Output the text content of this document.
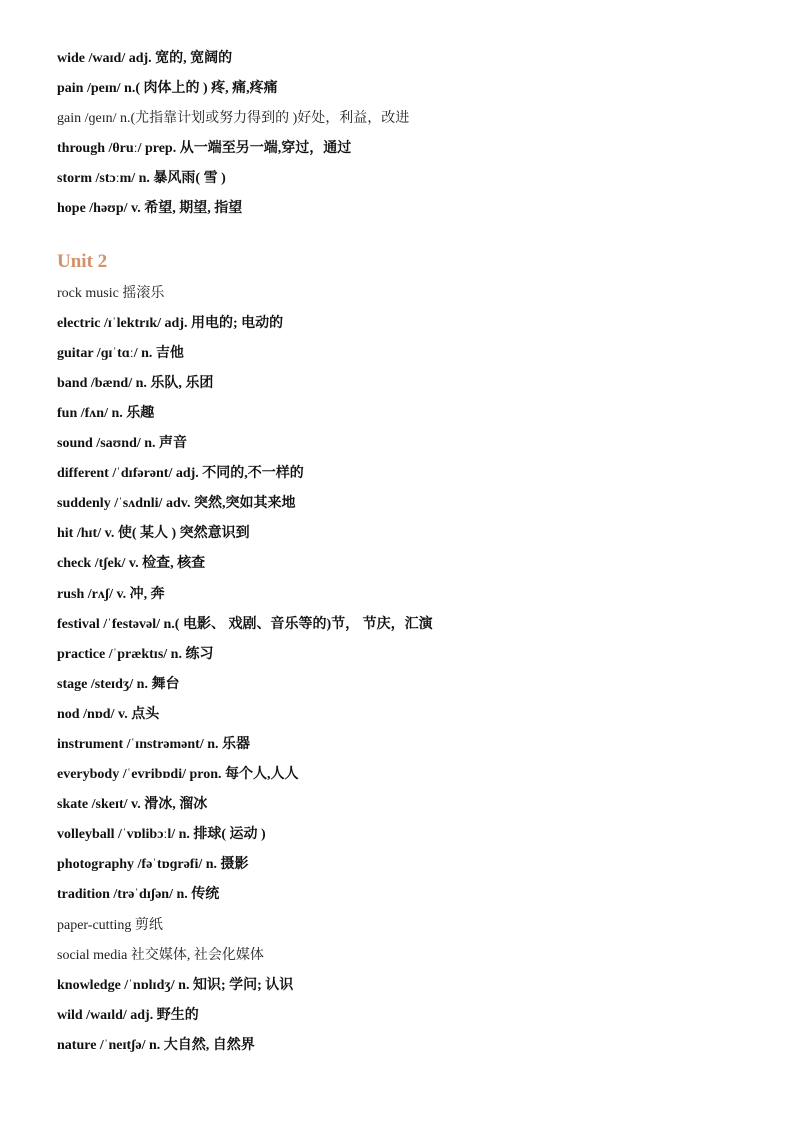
wide /waɪd/ adj. 宽的, 宽阔的
pain /peɪn/ n.( 肉体上的 ) 疼, 痛,疼痛
gain /ɡeɪn/ n.(尤指靠计划或努力得到的 )好处，利益，改进
through /θruː/ prep. 从一端至另一端,穿过，通过
storm /stɔːm/ n. 暴风雨( 雪 )
hope /həʊp/ v. 希望, 期望, 指望
Unit 2
rock music 摇滚乐
electric /ɪˈlektrɪk/ adj. 用电的; 电动的
guitar /ɡɪˈtɑː/ n. 吉他
band /bænd/ n. 乐队, 乐团
fun /fʌn/ n. 乐趣
sound /saʊnd/ n. 声音
different /ˈdɪfərənt/ adj. 不同的,不一样的
suddenly /ˈsʌdnli/ adv. 突然,突如其来地
hit /hɪt/ v. 使( 某人 ) 突然意识到
check /tʃek/ v. 检查, 核查
rush /rʌʃ/ v. 冲, 奔
festival /ˈfestəvəl/ n.( 电影、 戏剧、音乐等的)节， 节庆，汇演
practice /ˈpræktɪs/ n. 练习
stage /steɪdʒ/ n. 舞台
nod /nɒd/ v. 点头
instrument /ˈɪnstrəmənt/ n. 乐器
everybody /ˈevribɒdi/ pron. 每个人,人人
skate /skeɪt/ v. 滑冰, 溜冰
volleyball /ˈvɒlibɔːl/ n. 排球( 运动 )
photography /fəˈtɒɡrəfi/ n. 摄影
tradition /trəˈdɪʃən/ n. 传统
paper-cutting 剪纸
social media 社交媒体, 社会化媒体
knowledge /ˈnɒlɪdʒ/ n. 知识; 学问; 认识
wild /waɪld/ adj. 野生的
nature /ˈneɪtʃə/ n. 大自然, 自然界
